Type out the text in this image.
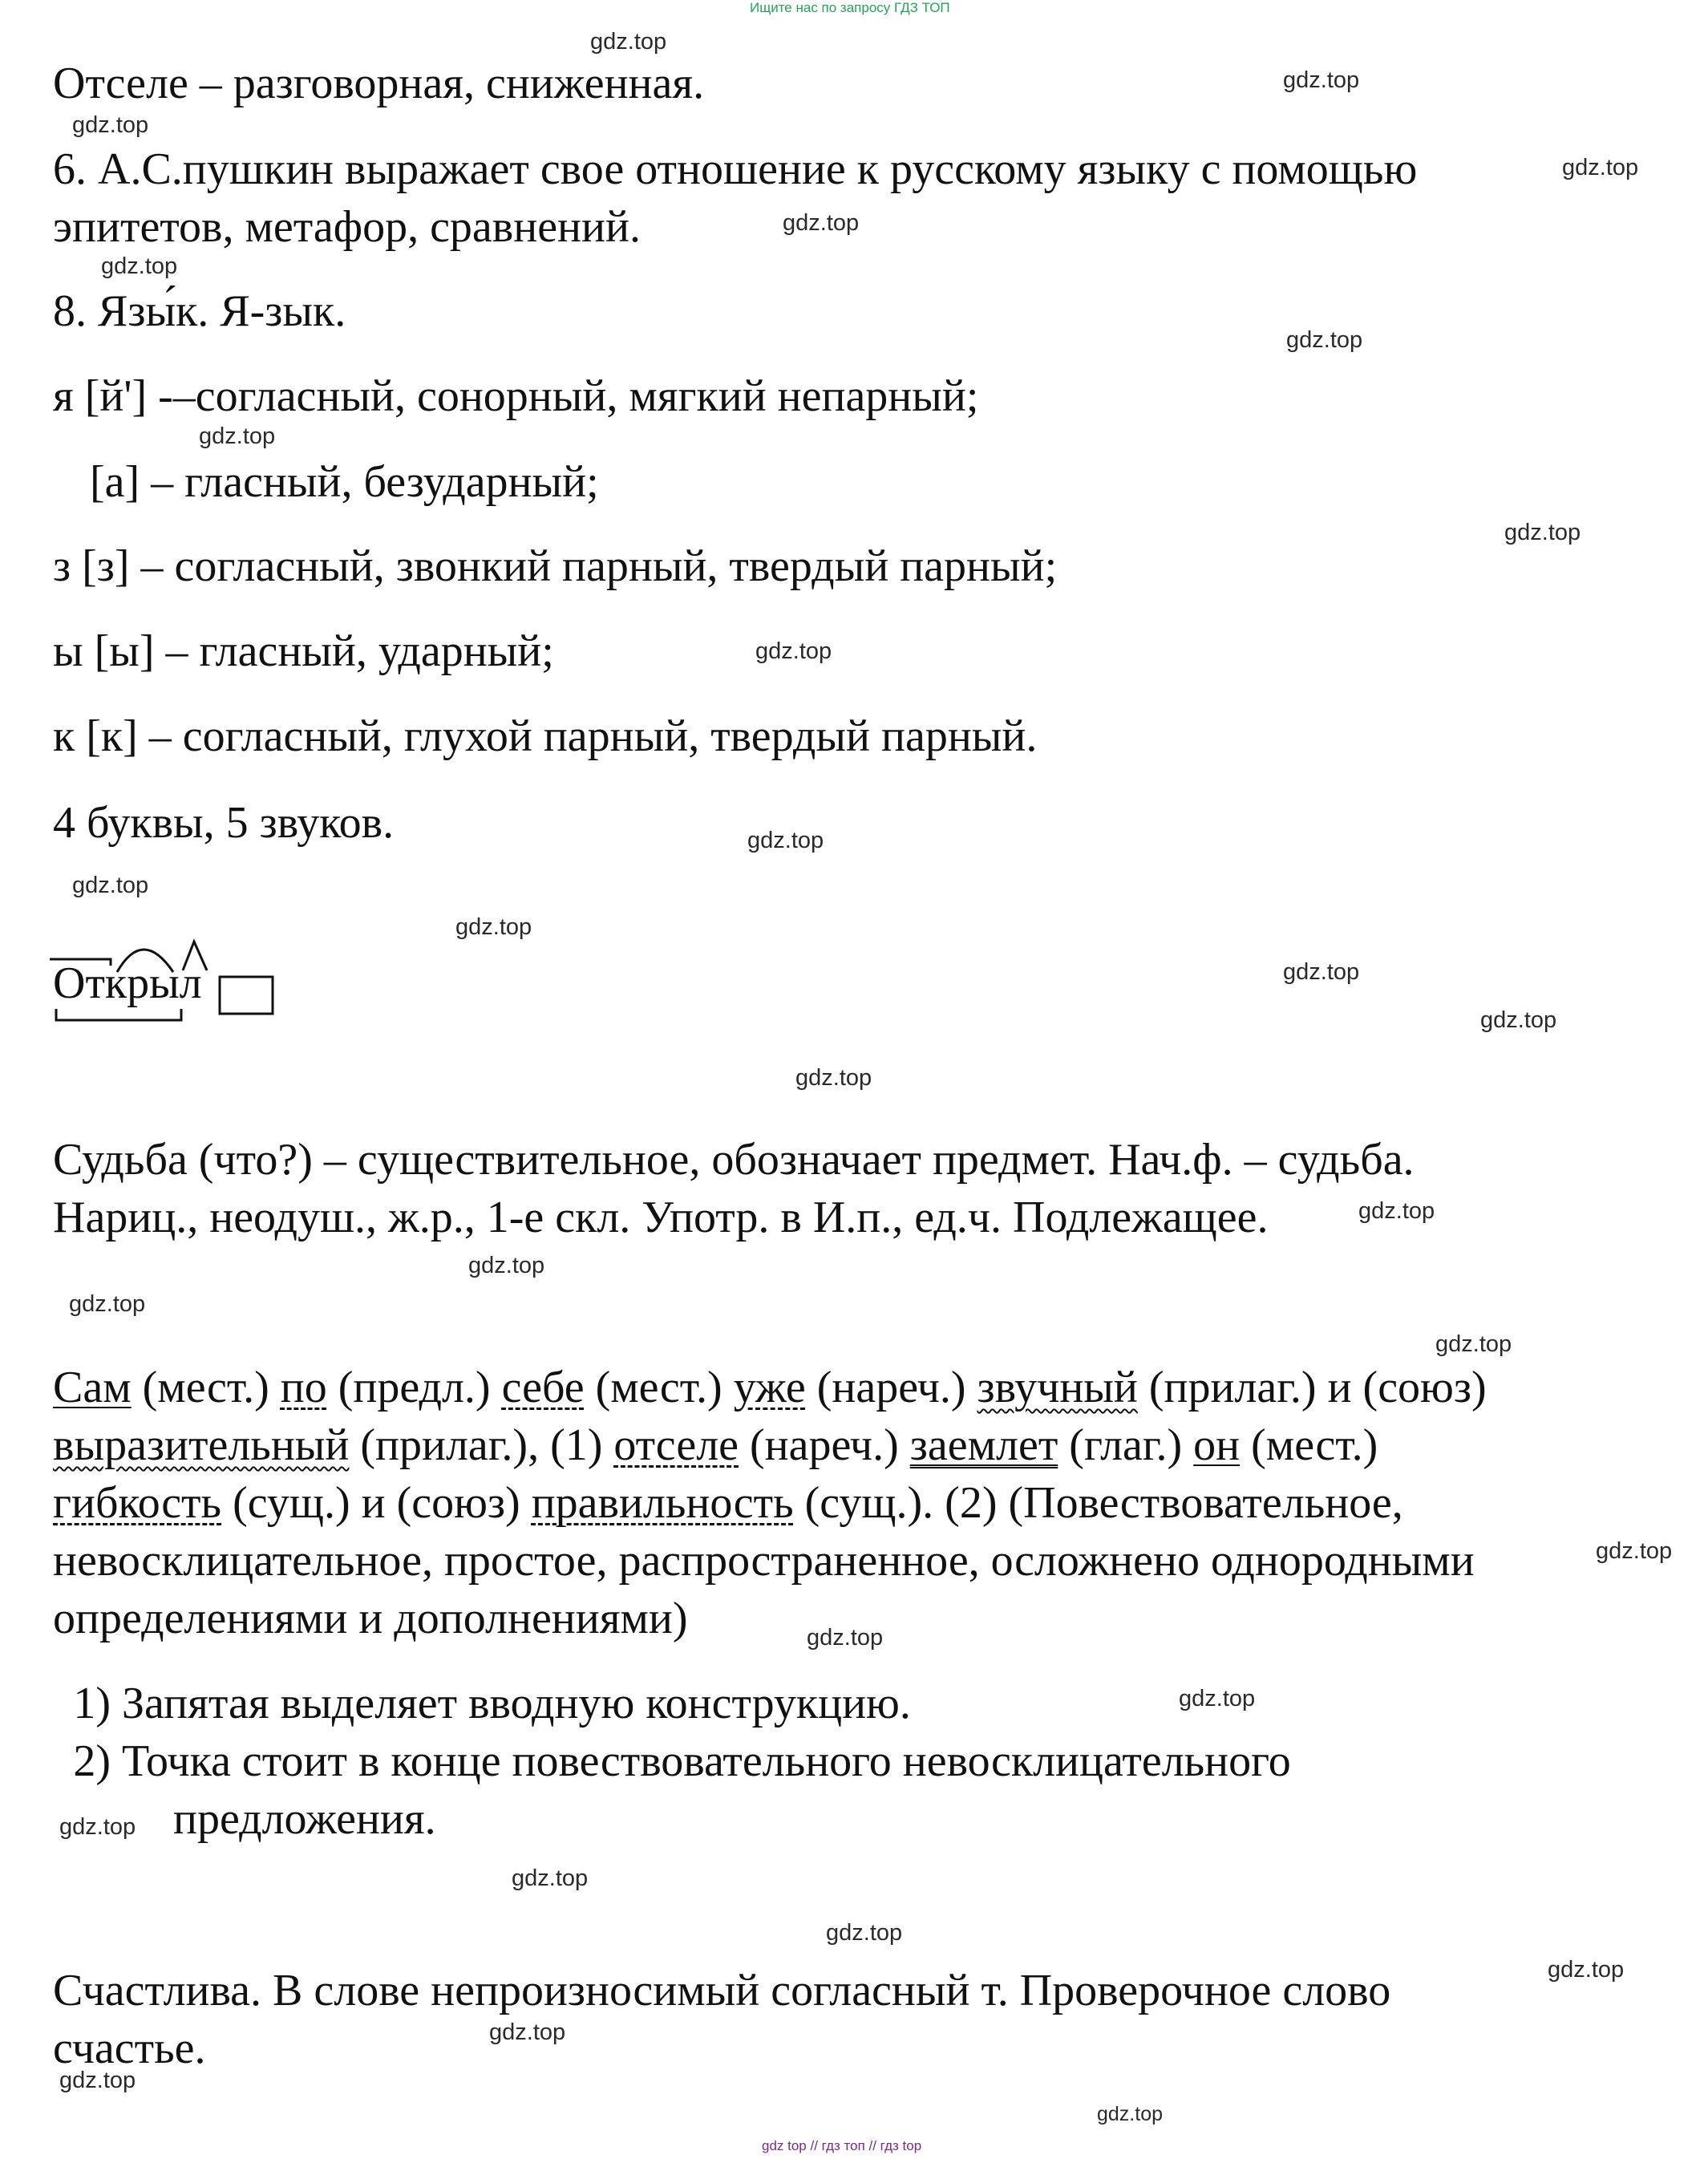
Ищите нас по запросу ГДЗ ТОП
Отселе – разговорная, сниженная.
6. А.С.пушкин выражает свое отношение к русскому языку с помощью
эпитетов, метафор, сравнений.
8. Язы́к. Я-зык.
я [й'] -–согласный, сонорный, мягкий непарный;
[а] – гласный, безударный;
з [з] – согласный, звонкий парный, твердый парный;
ы [ы] – гласный, ударный;
к [к] – согласный, глухой парный, твердый парный.
4 буквы, 5 звуков.
Открыл
Судьба (что?) – существительное, обозначает предмет. Нач.ф. – судьба.
Нариц., неодуш., ж.р., 1-е скл. Употр. в И.п., ед.ч. Подлежащее.
Сам (мест.) по (предл.) себе (мест.) уже (нареч.) звучный (прилаг.) и (союз)
выразительный (прилаг.), (1) отселе (нареч.) заемлет (глаг.) он (мест.)
гибкость (сущ.) и (союз) правильность (сущ.). (2) (Повествовательное,
невосклицательное, простое, распространенное, осложнено однородными
определениями и дополнениями)
1) Запятая выделяет вводную конструкцию.
2) Точка стоит в конце повествовательного невосклицательного
предложения.
Счастлива. В слове непроизносимый согласный т. Проверочное слово
счастье.
gdz.top
gdz.top
gdz.top
gdz.top
gdz.top
gdz.top
gdz.top
gdz.top
gdz.top
gdz.top
gdz.top
gdz.top
gdz.top
gdz.top
gdz.top
gdz.top
gdz.top
gdz.top
gdz.top
gdz.top
gdz.top
gdz.top
gdz.top
gdz.top
gdz.top
gdz.top
gdz.top
gdz.top
gdz.top
gdz.top
gdz top // гдз топ // гдз top
